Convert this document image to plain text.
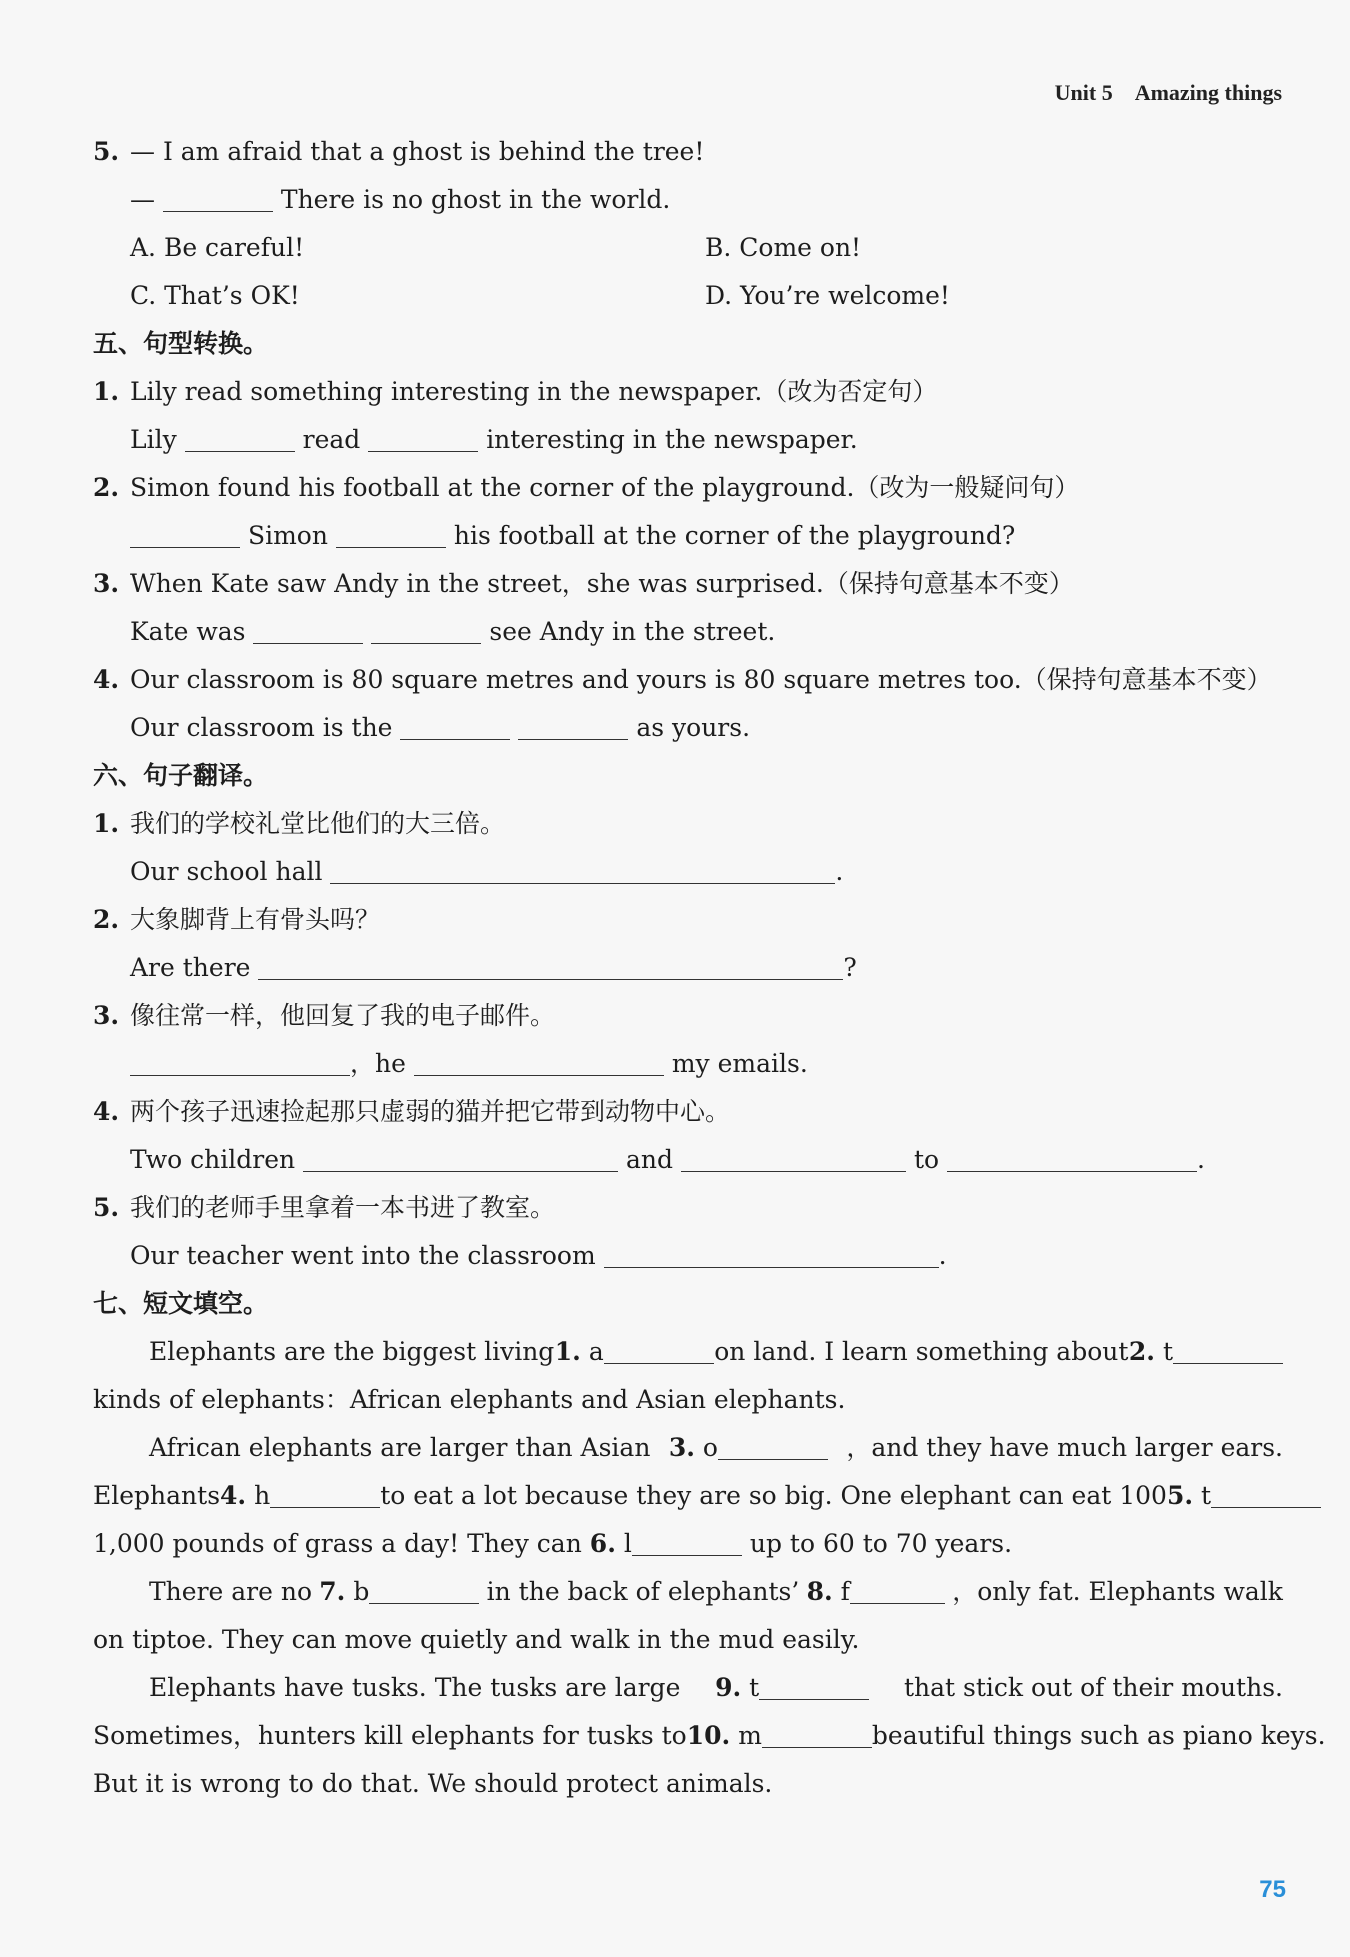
Unit 5 Amazing things
5. — I am afraid that a ghost is behind the tree!
—	There is no ghost in the world.
A. Be careful!	B. Come on!
C. That’s OK!	D. You’re welcome!
五、句型转换。
1. Lily read something interesting in the newspaper.（改为否定句）
Lily	read	interesting in the newspaper.
2. Simon found his football at the corner of the playground.（改为一般疑问句）
Simon	his football at the corner of the playground?
3. When Kate saw Andy in the street，she was surprised.（保持句意基本不变）
Kate was	see Andy in the street.
4. Our classroom is 80 square metres and yours is 80 square metres too.（保持句意基本不变）
Our classroom is the	as yours.
六、句子翻译。
1. 我们的学校礼堂比他们的大三倍。
Our school hall	.
2. 大象脚背上有骨头吗？
Are there	?
3. 像往常一样，他回复了我的电子邮件。
，he	my emails.
4. 两个孩子迅速捡起那只虚弱的猫并把它带到动物中心。
Two children	and	to	.
5. 我们的老师手里拿着一本书进了教室。
Our teacher went into the classroom	.
七、短文填空。
Elephants are the biggest living 1. a	on land. I learn something about 2. t
kinds of elephants：African elephants and Asian elephants.
African elephants are larger than Asian 3. o	，and they have much larger ears.
Elephants 4. h	to eat a lot because they are so big. One elephant can eat 100 5. t
1,000 pounds of grass a day! They can 6. l	up to 60 to 70 years.
There are no 7. b	in the back of elephants’ 8. f	，only fat. Elephants walk
on tiptoe. They can move quietly and walk in the mud easily.
Elephants have tusks. The tusks are large 9. t	that stick out of their mouths.
Sometimes，hunters kill elephants for tusks to 10. m	beautiful things such as piano keys.
But it is wrong to do that. We should protect animals.
75
